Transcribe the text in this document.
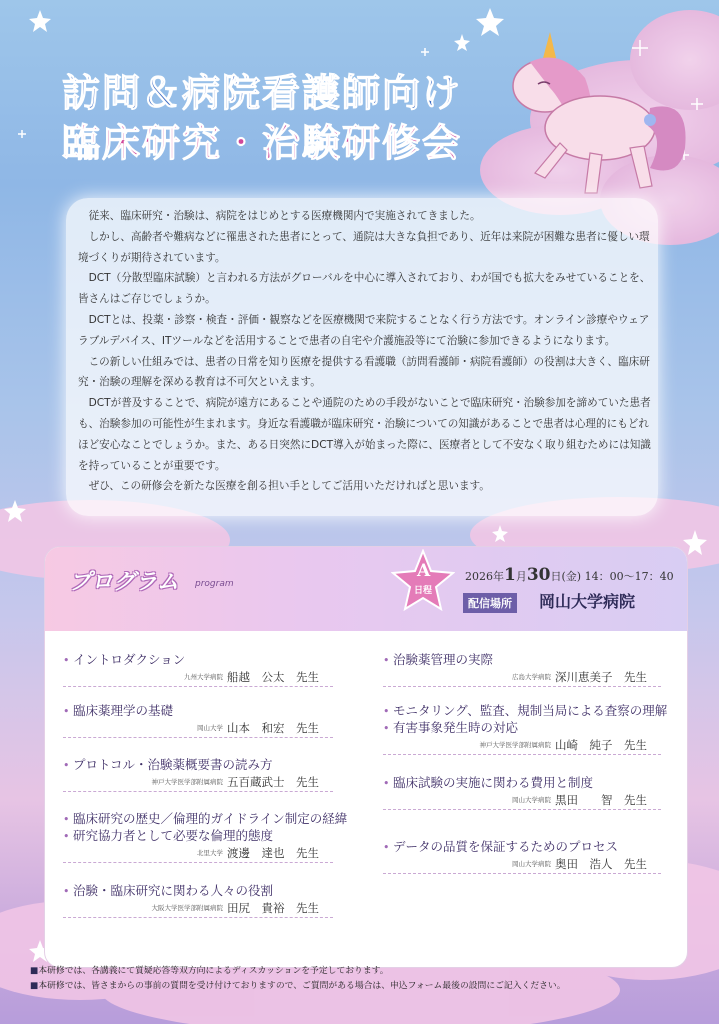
訪問＆病院看護師向け
臨床研究・治験研修会

従来、臨床研究・治験は、病院をはじめとする医療機関内で実施されてきました。

しかし、高齢者や難病などに罹患された患者にとって、通院は大きな負担であり、近年は来院が困難な患者に優しい環境づくりが期待されています。

DCT（分散型臨床試験）と言われる方法がグローバルを中心に導入されており、わが国でも拡大をみせていることを、皆さんはご存じでしょうか。

DCTとは、投薬・診察・検査・評価・観察などを医療機関で来院することなく行う方法です。オンライン診療やウェアラブルデバイス、ITツールなどを活用することで患者の自宅や介護施設等にて治験に参加できるようになります。

この新しい仕組みでは、患者の日常を知り医療を提供する看護職（訪問看護師・病院看護師）の役割は大きく、臨床研究・治験の理解を深める教育は不可欠といえます。

DCTが普及することで、病院が遠方にあることや通院のための手段がないことで臨床研究・治験参加を諦めていた患者も、治験参加の可能性が生まれます。身近な看護職が臨床研究・治験についての知識があることで患者は心理的にもどれほど安心なことでしょうか。また、ある日突然にDCT導入が始まった際に、医療者として不安なく取り組むためには知識を持っていることが重要です。

ぜひ、この研修会を新たな医療を創る担い手としてご活用いただければと思います。

プログラム program
A
日程
2026年1月30日(金) 14：00～17：40
配信場所	岡山大学病院
• イントロダクション
九州大学病院 船越　公太　先生
• 臨床薬理学の基礎
岡山大学 山本　和宏　先生
• プロトコル・治験薬概要書の読み方
神戸大学医学部附属病院 五百蔵武士　先生
• 臨床研究の歴史／倫理的ガイドライン制定の経緯
• 研究協力者として必要な倫理的態度
北里大学 渡邊　達也　先生
• 治験・臨床研究に関わる人々の役割
大阪大学医学部附属病院 田尻　貴裕　先生
• 治験薬管理の実際
広島大学病院 深川恵美子　先生
• モニタリング、監査、規制当局による査察の理解
• 有害事象発生時の対応
神戸大学医学部附属病院 山崎　純子　先生
• 臨床試験の実施に関わる費用と制度
岡山大学病院 黒田　　智　先生
• データの品質を保証するためのプロセス
岡山大学病院 奥田　浩人　先生
■本研修では、各講義にて質疑応答等双方向によるディスカッションを予定しております。
■本研修では、皆さまからの事前の質問を受け付けておりますので、ご質問がある場合は、申込フォーム最後の設問にご記入ください。
